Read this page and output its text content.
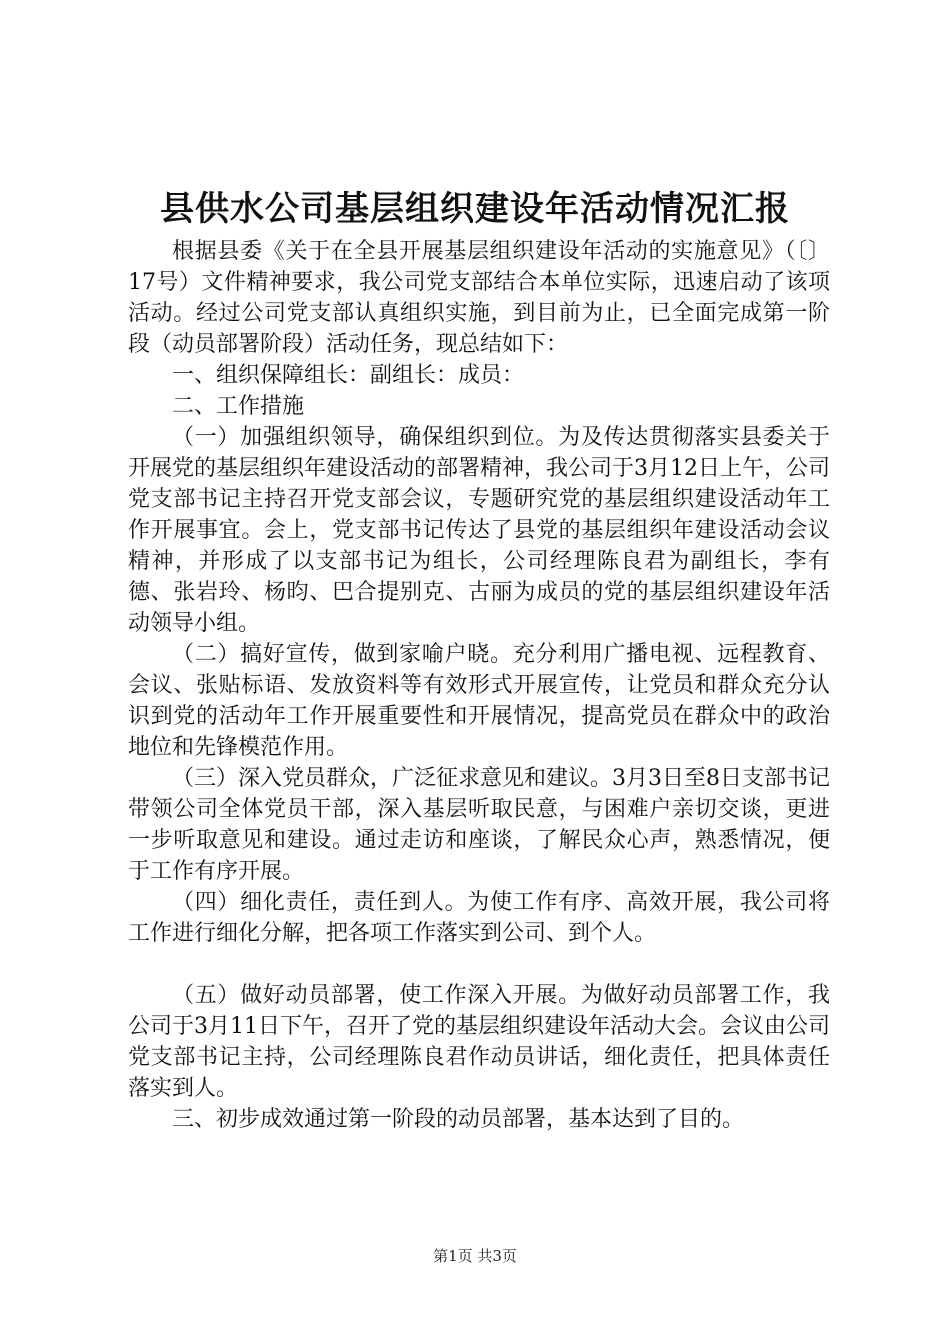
县供水公司基层组织建设年活动情况汇报

根据县委《关于在全县开展基层组织建设年活动的实施意见》（〔〕17号）文件精神要求，我公司党支部结合本单位实际，迅速启动了该项活动。经过公司党支部认真组织实施，到目前为止，已全面完成第一阶段（动员部署阶段）活动任务，现总结如下：

一、组织保障组长：副组长：成员：

二、工作措施

（一）加强组织领导，确保组织到位。为及传达贯彻落实县委关于开展党的基层组织年建设活动的部署精神，我公司于3月12日上午，公司党支部书记主持召开党支部会议，专题研究党的基层组织建设活动年工作开展事宜。会上，党支部书记传达了县党的基层组织年建设活动会议精神，并形成了以支部书记为组长，公司经理陈良君为副组长，李有德、张岩玲、杨昀、巴合提别克、古丽为成员的党的基层组织建设年活动领导小组。

（二）搞好宣传，做到家喻户晓。充分利用广播电视、远程教育、会议、张贴标语、发放资料等有效形式开展宣传，让党员和群众充分认识到党的活动年工作开展重要性和开展情况，提高党员在群众中的政治地位和先锋模范作用。

（三）深入党员群众，广泛征求意见和建议。3月3日至8日支部书记带领公司全体党员干部，深入基层听取民意，与困难户亲切交谈，更进一步听取意见和建设。通过走访和座谈，了解民众心声，熟悉情况，便于工作有序开展。

（四）细化责任，责任到人。为使工作有序、高效开展，我公司将工作进行细化分解，把各项工作落实到公司、到个人。

（五）做好动员部署，使工作深入开展。为做好动员部署工作，我公司于3月11日下午，召开了党的基层组织建设年活动大会。会议由公司党支部书记主持，公司经理陈良君作动员讲话，细化责任，把具体责任落实到人。

三、初步成效通过第一阶段的动员部署，基本达到了目的。

第1页 共3页
